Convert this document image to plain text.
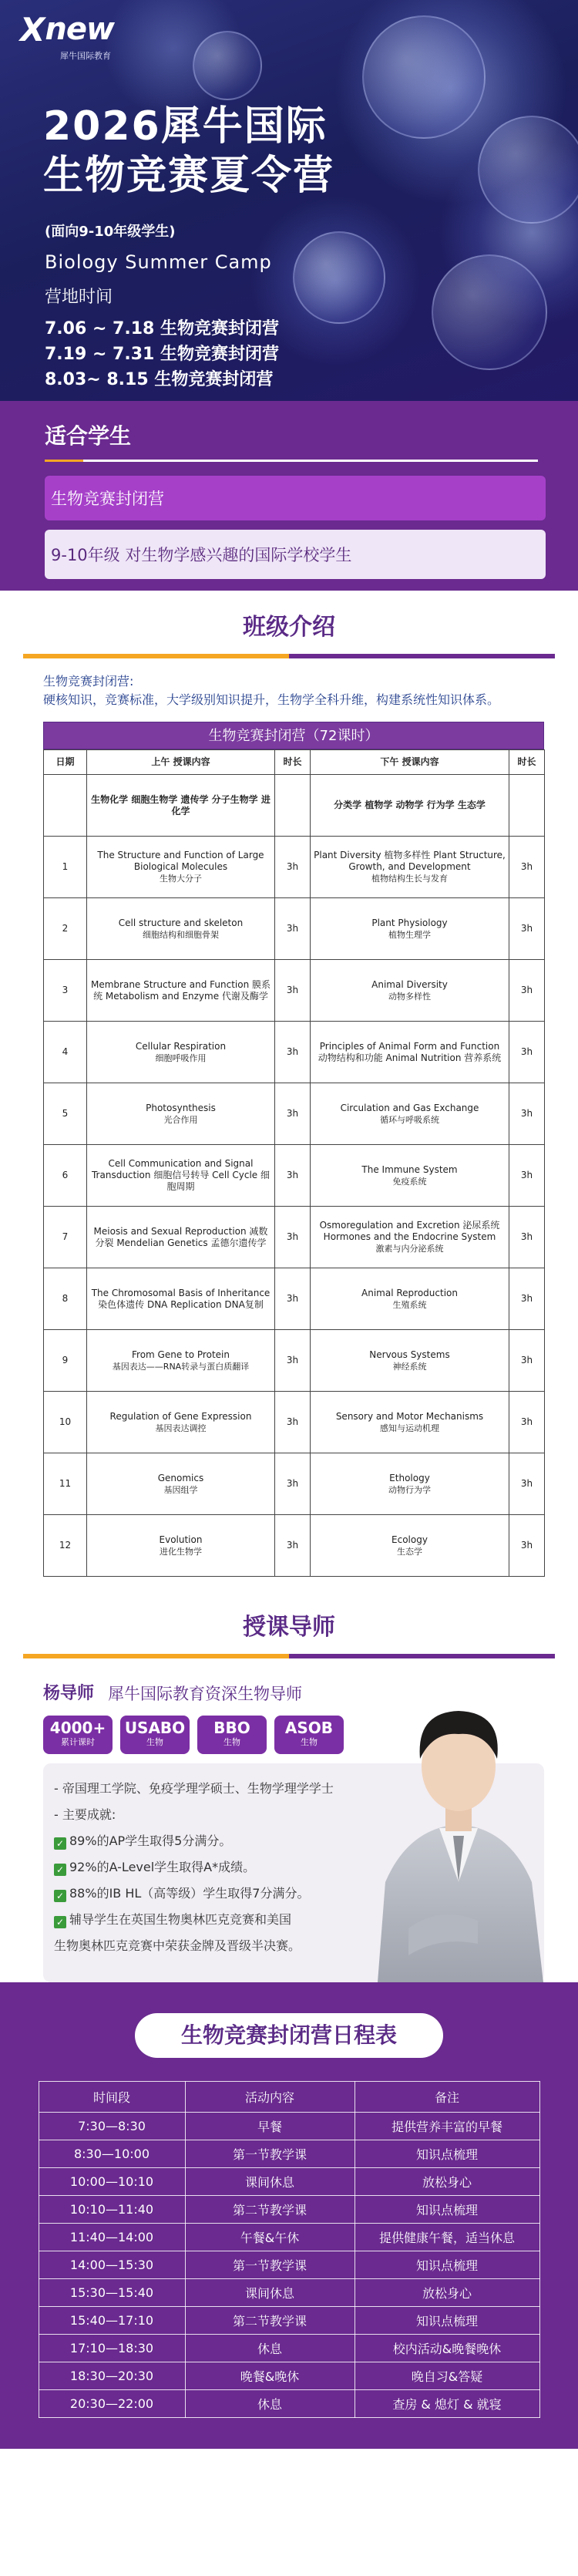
X new
犀牛国际教育
2026犀牛国际
生物竞赛夏令营
(面向9-10年级学生)
Biology Summer Camp
营地时间
7.06 ~ 7.18 生物竞赛封闭营
7.19 ~ 7.31 生物竞赛封闭营
8.03~ 8.15 生物竞赛封闭营
适合学生
生物竞赛封闭营
9-10年级 对生物学感兴趣的国际学校学生
班级介绍
生物竞赛封闭营:
硬核知识，竞赛标准，大学级别知识提升，生物学全科升维，构建系统性知识体系。
生物竞赛封闭营（72课时）
日期	上午 授课内容	时长	下午 授课内容	时长
	生物化学 细胞生物学 遗传学 分子生物学 进化学		分类学 植物学 动物学 行为学 生态学	
1	The Structure and Function of Large Biological Molecules
生物大分子	3h	Plant Diversity 植物多样性 Plant Structure, Growth, and Development
植物结构生长与发育	3h
2	Cell structure and skeleton
细胞结构和细胞骨架	3h	Plant Physiology
植物生理学	3h
3	Membrane Structure and Function 膜系统 Metabolism and Enzyme 代谢及酶学	3h	Animal Diversity
动物多样性	3h
4	Cellular Respiration
细胞呼吸作用	3h	Principles of Animal Form and Function 动物结构和功能 Animal Nutrition 营养系统	3h
5	Photosynthesis
光合作用	3h	Circulation and Gas Exchange
循环与呼吸系统	3h
6	Cell Communication and Signal Transduction 细胞信号转导 Cell Cycle 细胞周期	3h	The Immune System
免疫系统	3h
7	Meiosis and Sexual Reproduction 减数分裂 Mendelian Genetics 孟德尔遗传学	3h	Osmoregulation and Excretion 泌尿系统 Hormones and the Endocrine System
激素与内分泌系统	3h
8	The Chromosomal Basis of Inheritance 染色体遗传 DNA Replication DNA复制	3h	Animal Reproduction
生殖系统	3h
9	From Gene to Protein
基因表达——RNA转录与蛋白质翻译	3h	Nervous Systems
神经系统	3h
10	Regulation of Gene Expression
基因表达调控	3h	Sensory and Motor Mechanisms
感知与运动机理	3h
11	Genomics
基因组学	3h	Ethology
动物行为学	3h
12	Evolution
进化生物学	3h	Ecology
生态学	3h
授课导师
杨导师 犀牛国际教育资深生物导师
4000+
累计课时
USABO
生物
BBO
生物
ASOB
生物
- 帝国理工学院、免疫学理学硕士、生物学理学学士
- 主要成就:
✓ 89%的AP学生取得5分满分。
✓ 92%的A-Level学生取得A*成绩。
✓ 88%的IB HL（高等级）学生取得7分满分。
✓ 辅导学生在英国生物奥林匹克竞赛和美国
生物奥林匹克竞赛中荣获金牌及晋级半决赛。
生物竞赛封闭营日程表
时间段	活动内容	备注
7:30—8:30	早餐	提供营养丰富的早餐
8:30—10:00	第一节教学课	知识点梳理
10:00—10:10	课间休息	放松身心
10:10—11:40	第二节教学课	知识点梳理
11:40—14:00	午餐&午休	提供健康午餐，适当休息
14:00—15:30	第一节教学课	知识点梳理
15:30—15:40	课间休息	放松身心
15:40—17:10	第二节教学课	知识点梳理
17:10—18:30	休息	校内活动&晚餐晚休
18:30—20:30	晚餐&晚休	晚自习&答疑
20:30—22:00	休息	查房 & 熄灯 & 就寝
